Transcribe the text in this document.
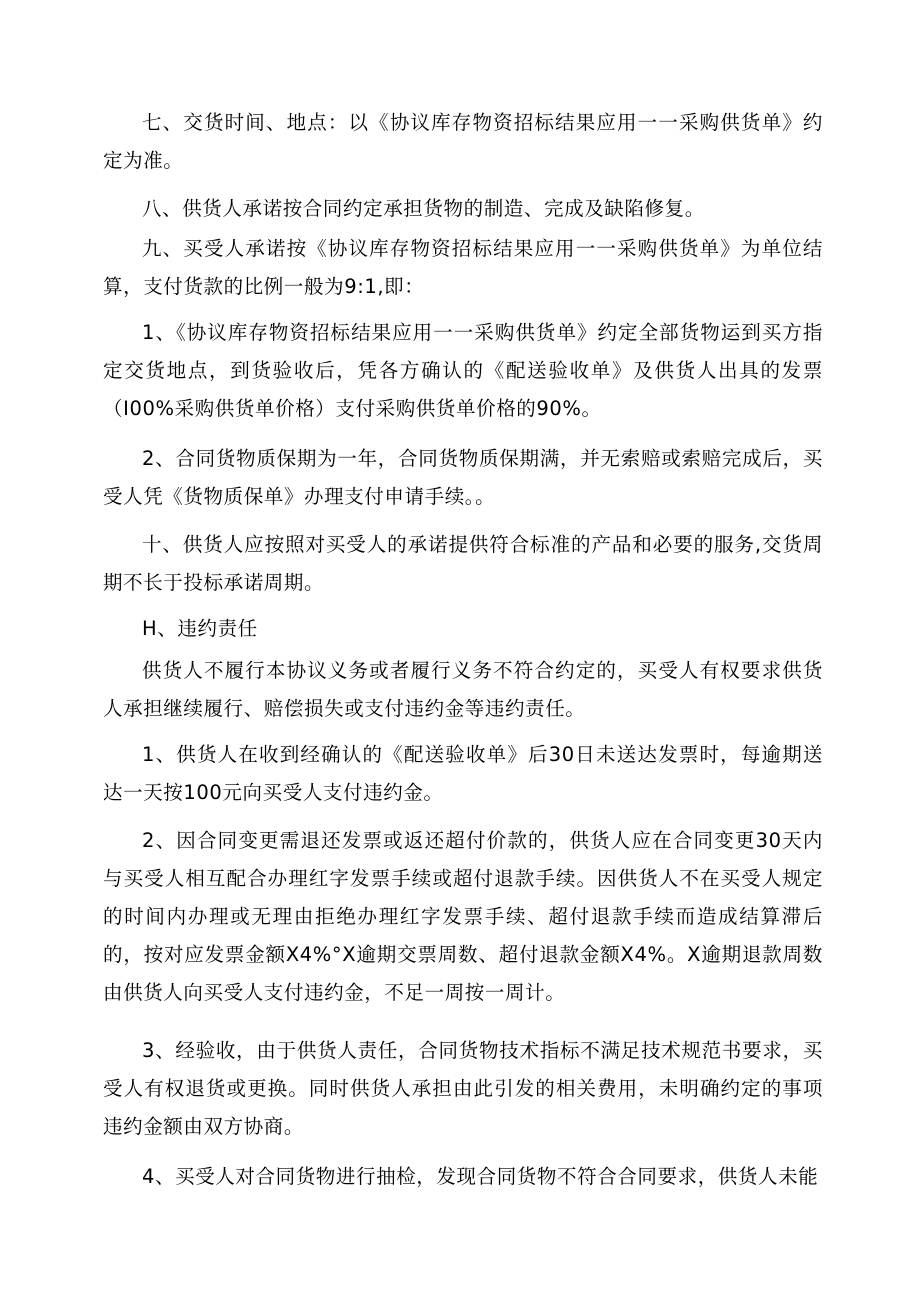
七、交货时间、地点：以《协议库存物资招标结果应用一一采购供货单》约定为准。

八、供货人承诺按合同约定承担货物的制造、完成及缺陷修复。

九、买受人承诺按《协议库存物资招标结果应用一一采购供货单》为单位结算，支付货款的比例一般为9:1,即：

1、《协议库存物资招标结果应用一一采购供货单》约定全部货物运到买方指定交货地点，到货验收后，凭各方确认的《配送验收单》及供货人出具的发票（I00%采购供货单价格）支付采购供货单价格的90%。

2、合同货物质保期为一年，合同货物质保期满，并无索赔或索赔完成后，买受人凭《货物质保单》办理支付申请手续。。

十、供货人应按照对买受人的承诺提供符合标准的产品和必要的服务,交货周期不长于投标承诺周期。

H、违约责任

供货人不履行本协议义务或者履行义务不符合约定的，买受人有权要求供货人承担继续履行、赔偿损失或支付违约金等违约责任。

1、供货人在收到经确认的《配送验收单》后30日未送达发票时，每逾期送达一天按100元向买受人支付违约金。

2、因合同变更需退还发票或返还超付价款的，供货人应在合同变更30天内与买受人相互配合办理红字发票手续或超付退款手续。因供货人不在买受人规定的时间内办理或无理由拒绝办理红字发票手续、超付退款手续而造成结算滞后的，按对应发票金额X4%°X逾期交票周数、超付退款金额X4%。X逾期退款周数由供货人向买受人支付违约金，不足一周按一周计。

3、经验收，由于供货人责任，合同货物技术指标不满足技术规范书要求，买受人有权退货或更换。同时供货人承担由此引发的相关费用，未明确约定的事项违约金额由双方协商。

4、买受人对合同货物进行抽检，发现合同货物不符合合同要求，供货人未能
